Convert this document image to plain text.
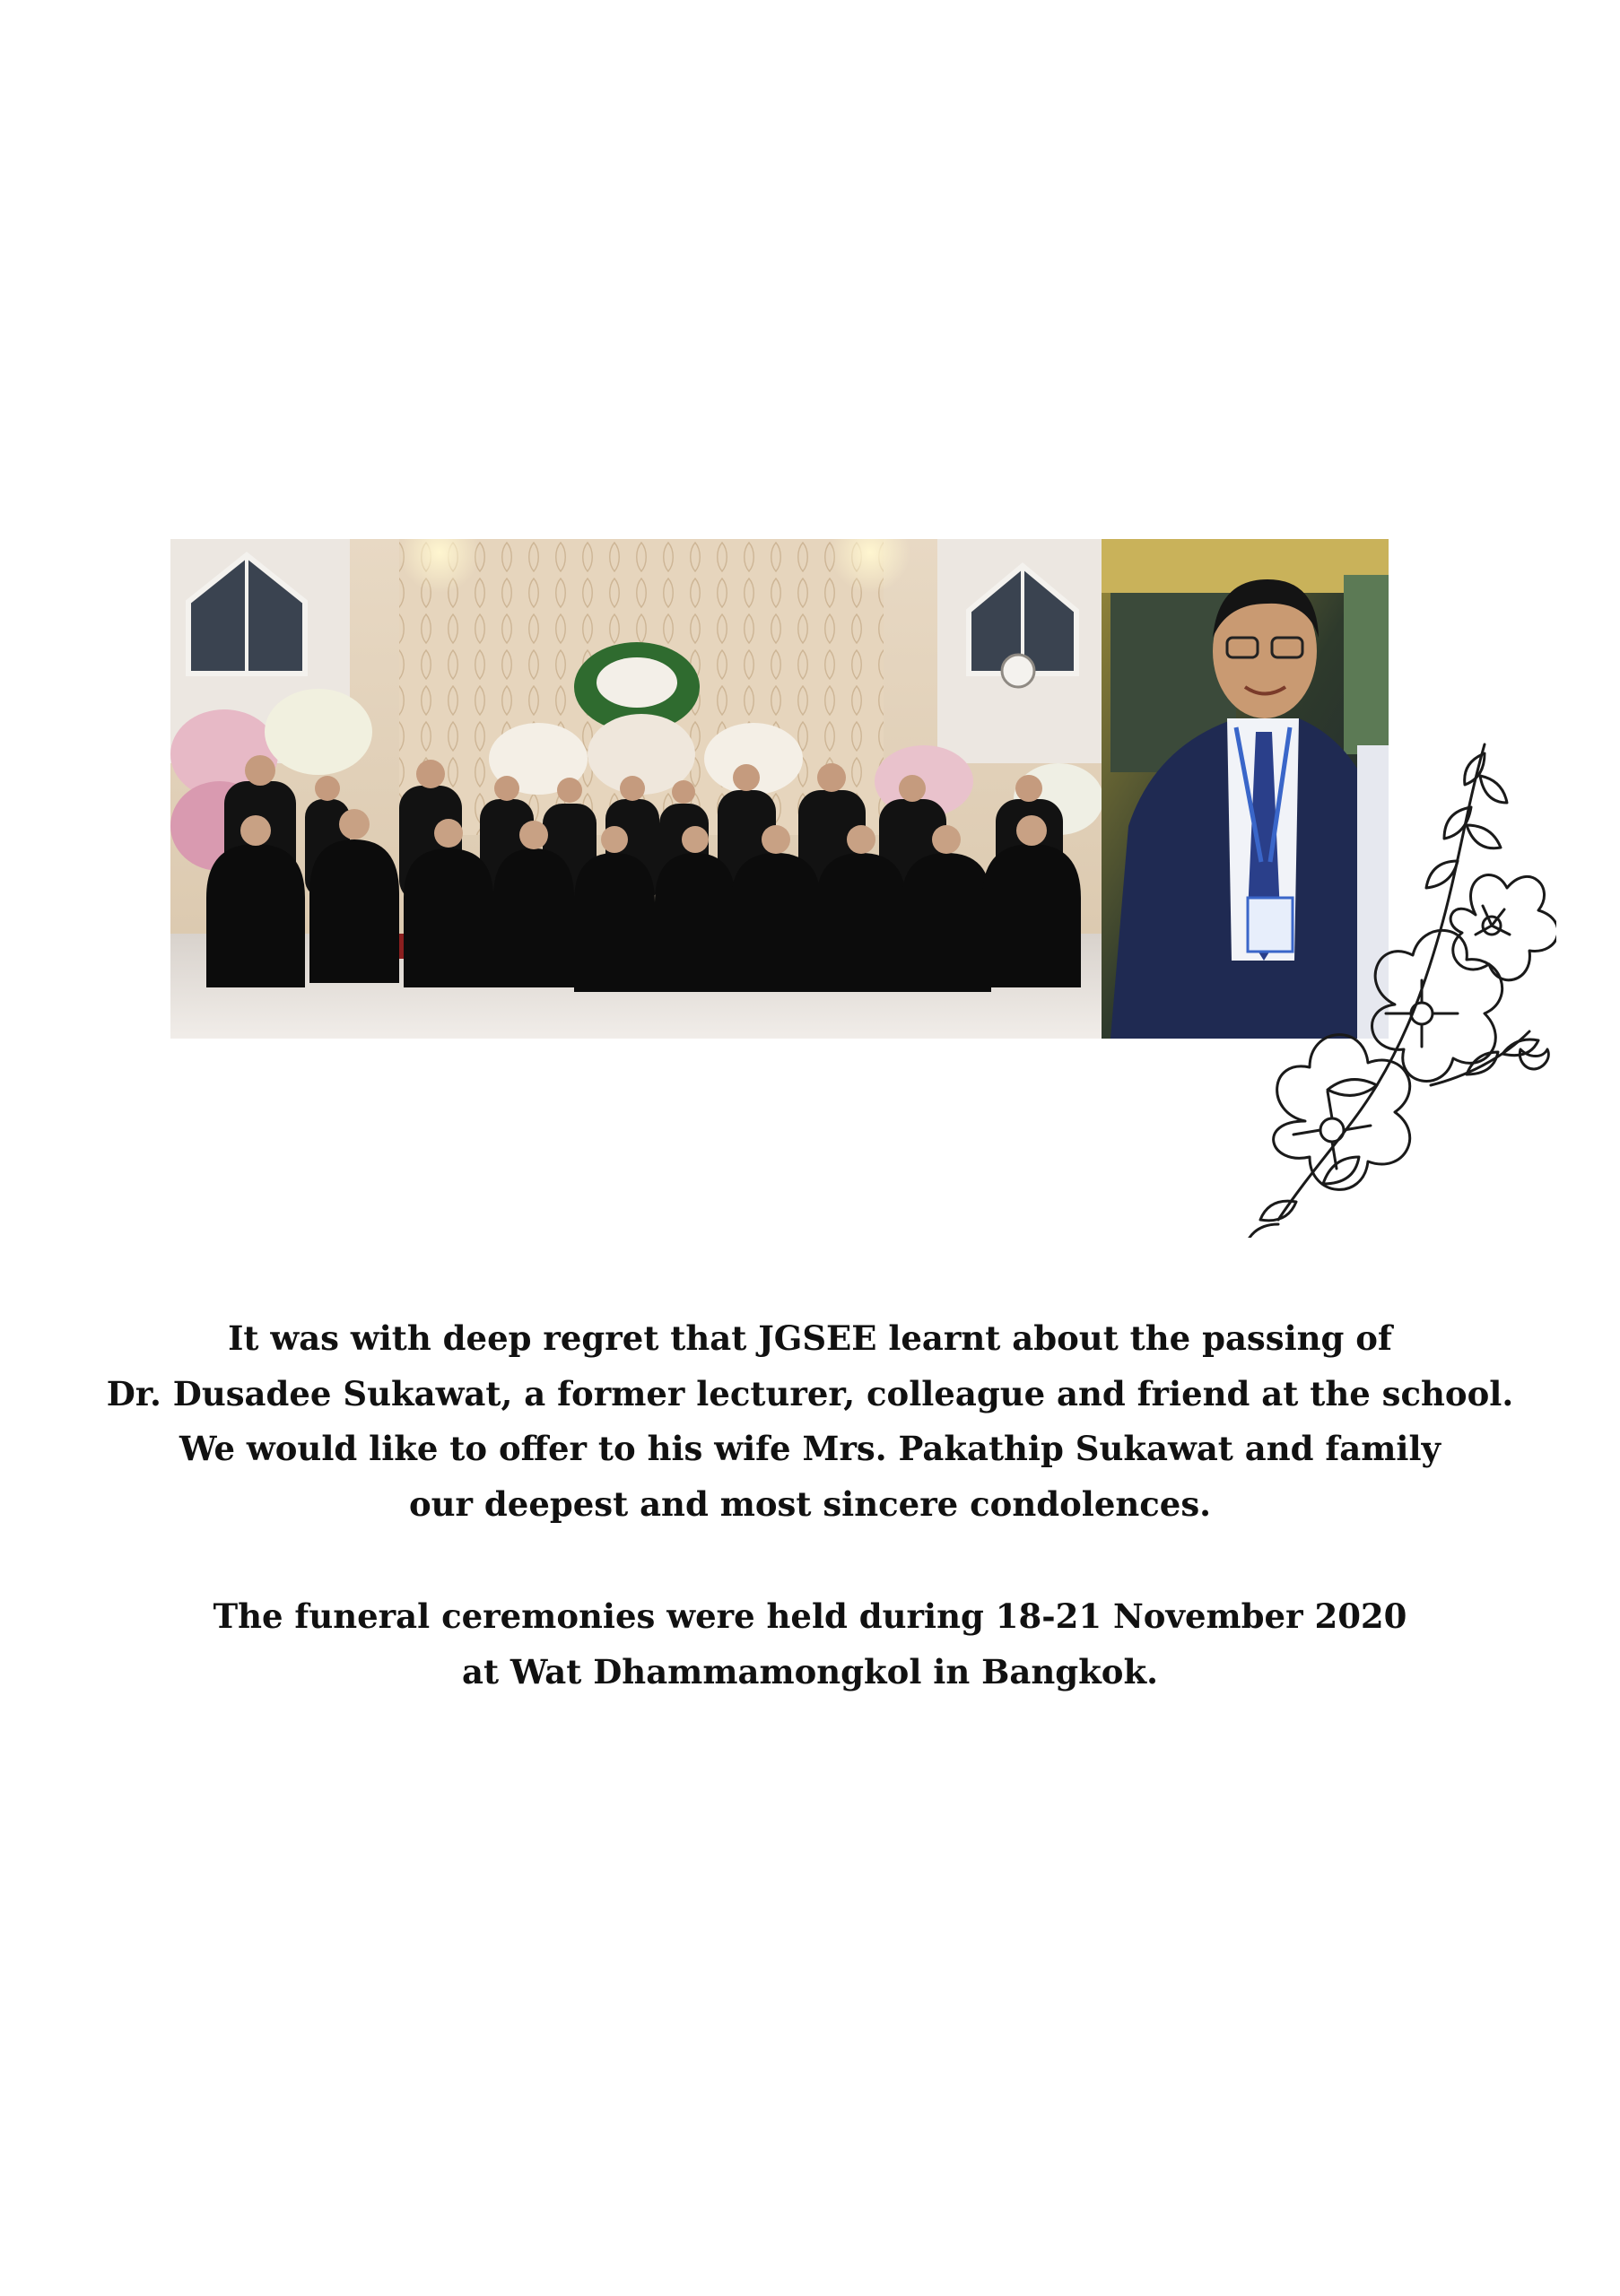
It was with deep regret that JGSEE learnt about the passing of

Dr. Dusadee Sukawat, a former lecturer, colleague and friend at the school.

We would like to offer to his wife Mrs. Pakathip Sukawat and family

our deepest and most sincere condolences.

The funeral ceremonies were held during 18-21 November 2020

at Wat Dhammamongkol in Bangkok.
